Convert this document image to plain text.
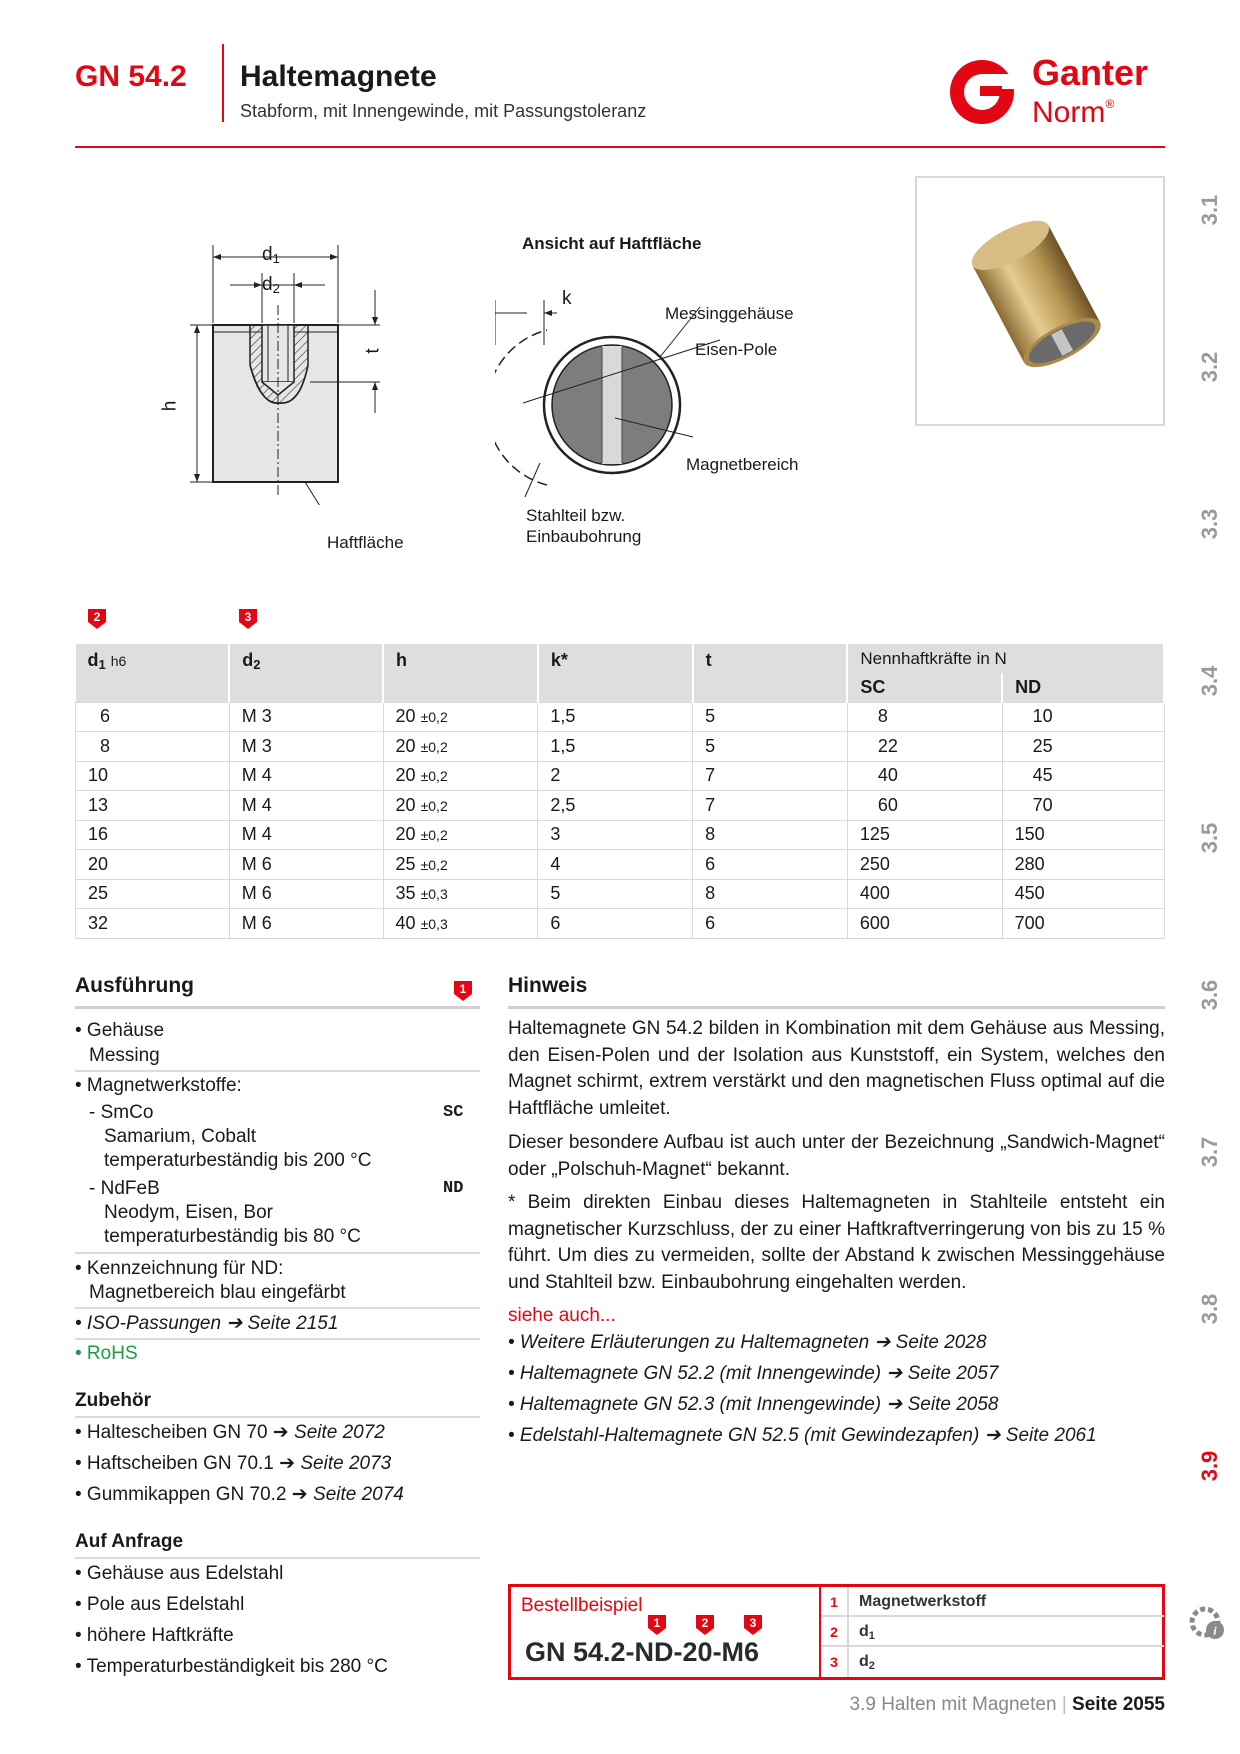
GN 54.2 Haltemagnete
Stabform, mit Innengewinde, mit Passungstoleranz
Ganter
Norm®
3.1
3.2
3.3
3.4
3.5
3.6
3.7
3.8
3.9
i
$d_1$
$d_2$
h
t
Haftfläche
Ansicht auf Haftfläche
k
Messinggehäuse
Eisen-Pole
Magnetbereich
Stahlteil bzw.
Einbaubohrung
2	3
$d_1$ h6	$d_2$	h	k*	t	Nennhaftkräfte in N	
					SC	ND
6	M 3	20 ±0,2	1,5	5	8	10
8	M 3	20 ±0,2	1,5	5	22	25
10	M 4	20 ±0,2	2	7	40	45
13	M 4	20 ±0,2	2,5	7	60	70
16	M 4	20 ±0,2	3	8	125	150
20	M 6	25 ±0,2	4	6	250	280
25	M 6	35 ±0,3	5	8	400	450
32	M 6	40 ±0,3	6	6	600	700
Ausführung	1
• Gehäuse
Messing
• Magnetwerkstoffe:
- SmCo	SC
Samarium, Cobalt
temperaturbeständig bis 200 °C
- NdFeB	ND
Neodym, Eisen, Bor
temperaturbeständig bis 80 °C
• Kennzeichnung für ND:
Magnetbereich blau eingefärbt
• ISO-Passungen ➔ Seite 2151
• RoHS
Zubehör
• Haltescheiben GN 70 ➔ Seite 2072
• Haftscheiben GN 70.1 ➔ Seite 2073
• Gummikappen GN 70.2 ➔ Seite 2074
Auf Anfrage
• Gehäuse aus Edelstahl
• Pole aus Edelstahl
• höhere Haftkräfte
• Temperaturbeständigkeit bis 280 °C
Hinweis
Haltemagnete GN 54.2 bilden in Kombination mit dem Gehäuse aus Messing, den Eisen-Polen und der Isolation aus Kunststoff, ein System, welches den Magnet schirmt, extrem verstärkt und den magnetischen Fluss optimal auf die Haftfläche umleitet.
Dieser besondere Aufbau ist auch unter der Bezeichnung „Sandwich-Magnet“ oder „Polschuh-Magnet“ bekannt.
* Beim direkten Einbau dieses Haltemagneten in Stahlteile entsteht ein magnetischer Kurzschluss, der zu einer Haftkraftverringerung von bis zu 15 % führt. Um dies zu vermeiden, sollte der Abstand k zwischen Messinggehäuse und Stahlteil bzw. Einbaubohrung eingehalten werden.
siehe auch...
• Weitere Erläuterungen zu Haltemagneten ➔ Seite 2028
• Haltemagnete GN 52.2 (mit Innengewinde) ➔ Seite 2057
• Haltemagnete GN 52.3 (mit Innengewinde) ➔ Seite 2058
• Edelstahl-Haltemagnete GN 52.5 (mit Gewindezapfen) ➔ Seite 2061
Bestellbeispiel
1	2	3
GN 54.2-ND-20-M6
1	Magnetwerkstoff
2	$d_1$
3	$d_2$
3.9 Halten mit Magneten | Seite 2055
